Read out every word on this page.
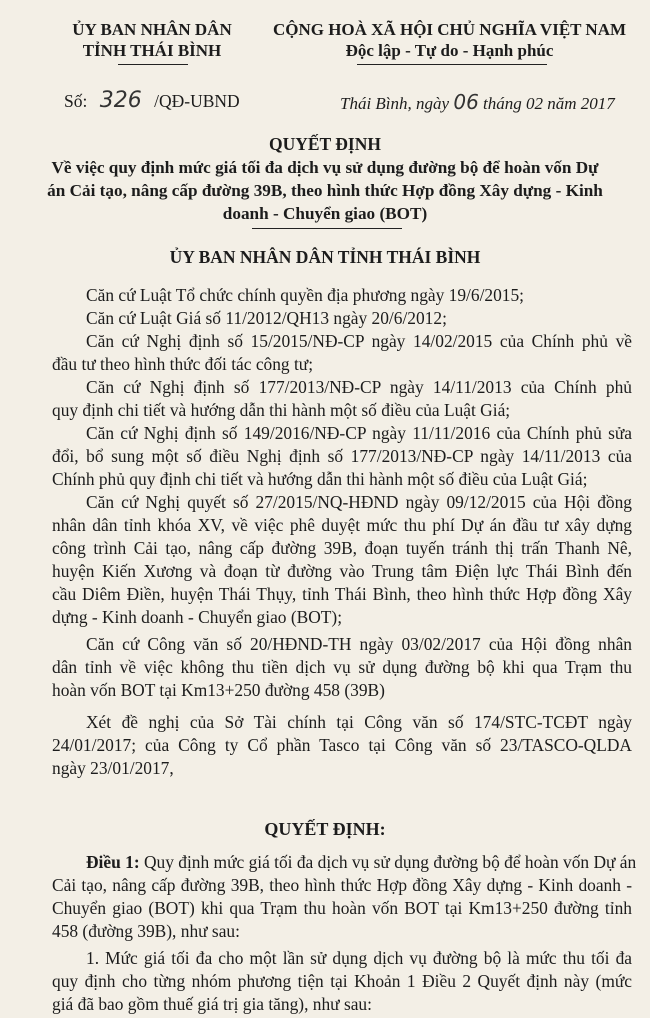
ỦY BAN NHÂN DÂN
TỈNH THÁI BÌNH
CỘNG HOÀ XÃ HỘI CHỦ NGHĨA VIỆT NAM
Độc lập - Tự do - Hạnh phúc
Số: 326 /QĐ-UBND	Thái Bình, ngày 06 tháng 02 năm 2017
QUYẾT ĐỊNH
Về việc quy định mức giá tối đa dịch vụ sử dụng đường bộ để hoàn vốn Dự
án Cải tạo, nâng cấp đường 39B, theo hình thức Hợp đồng Xây dựng - Kinh
doanh - Chuyển giao (BOT)
ỦY BAN NHÂN DÂN TỈNH THÁI BÌNH
Căn cứ Luật Tổ chức chính quyền địa phương ngày 19/6/2015;
Căn cứ Luật Giá số 11/2012/QH13 ngày 20/6/2012;
Căn cứ Nghị định số 15/2015/NĐ-CP ngày 14/02/2015 của Chính phủ về
đầu tư theo hình thức đối tác công tư;
Căn cứ Nghị định số 177/2013/NĐ-CP ngày 14/11/2013 của Chính phủ
quy định chi tiết và hướng dẫn thi hành một số điều của Luật Giá;
Căn cứ Nghị định số 149/2016/NĐ-CP ngày 11/11/2016 của Chính phủ sửa
đổi, bổ sung một số điều Nghị định số 177/2013/NĐ-CP ngày 14/11/2013 của
Chính phủ quy định chi tiết và hướng dẫn thi hành một số điều của Luật Giá;
Căn cứ Nghị quyết số 27/2015/NQ-HĐND ngày 09/12/2015 của Hội đồng
nhân dân tỉnh khóa XV, về việc phê duyệt mức thu phí Dự án đầu tư xây dựng
công trình Cải tạo, nâng cấp đường 39B, đoạn tuyến tránh thị trấn Thanh Nê,
huyện Kiến Xương và đoạn từ đường vào Trung tâm Điện lực Thái Bình đến
cầu Diêm Điền, huyện Thái Thụy, tỉnh Thái Bình, theo hình thức Hợp đồng Xây
dựng - Kinh doanh - Chuyển giao (BOT);
Căn cứ Công văn số 20/HĐND-TH ngày 03/02/2017 của Hội đồng nhân
dân tỉnh về việc không thu tiền dịch vụ sử dụng đường bộ khi qua Trạm thu
hoàn vốn BOT tại Km13+250 đường 458 (39B)
Xét đề nghị của Sở Tài chính tại Công văn số 174/STC-TCĐT ngày
24/01/2017; của Công ty Cổ phần Tasco tại Công văn số 23/TASCO-QLDA
ngày 23/01/2017,
QUYẾT ĐỊNH:
Điều 1: Quy định mức giá tối đa dịch vụ sử dụng đường bộ để hoàn vốn Dự án
Cải tạo, nâng cấp đường 39B, theo hình thức Hợp đồng Xây dựng - Kinh doanh -
Chuyển giao (BOT) khi qua Trạm thu hoàn vốn BOT tại Km13+250 đường tỉnh
458 (đường 39B), như sau:
1. Mức giá tối đa cho một lần sử dụng dịch vụ đường bộ là mức thu tối đa
quy định cho từng nhóm phương tiện tại Khoản 1 Điều 2 Quyết định này (mức
giá đã bao gồm thuế giá trị gia tăng), như sau:
